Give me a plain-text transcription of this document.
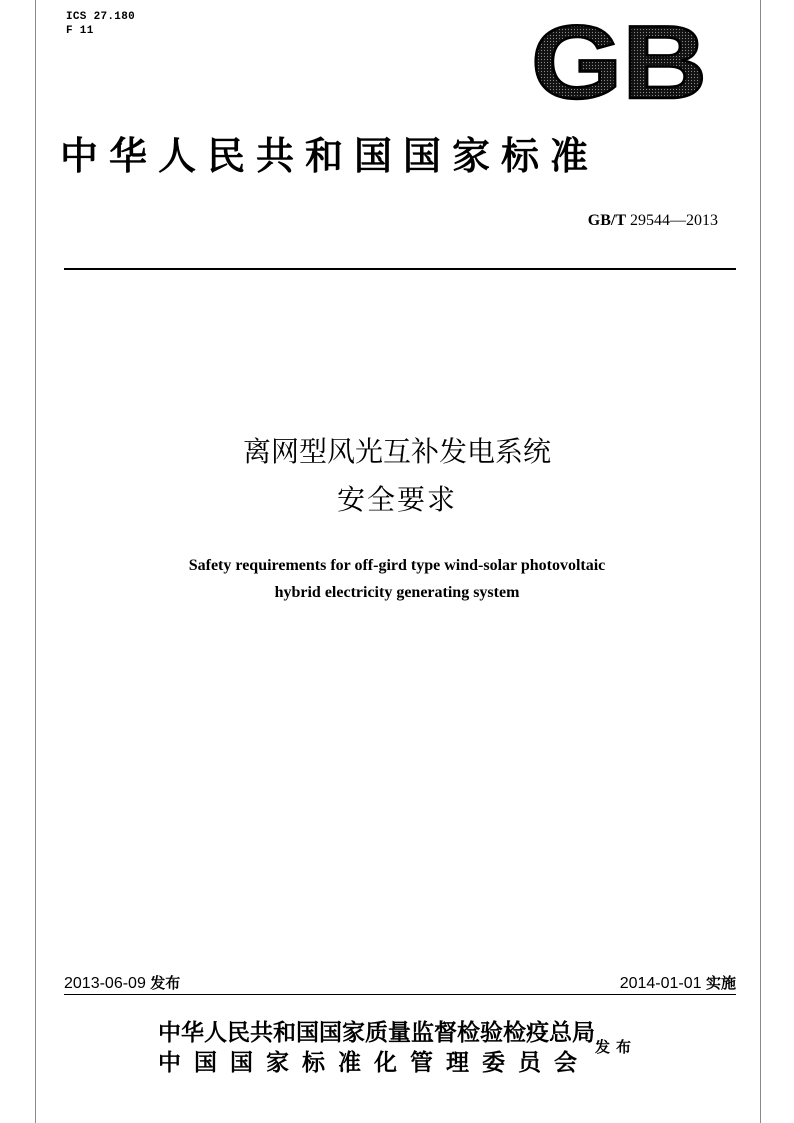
ICS 27.180
F 11	GB
中华人民共和国国家标准
GB/T 29544—2013
离网型风光互补发电系统
安全要求
Safety requirements for off-gird type wind-solar photovoltaic
hybrid electricity generating system
2013-06-09 发布	2014-01-01 实施
中华人民共和国国家质量监督检验检疫总局
中国国家标准化管理委员会
发布
